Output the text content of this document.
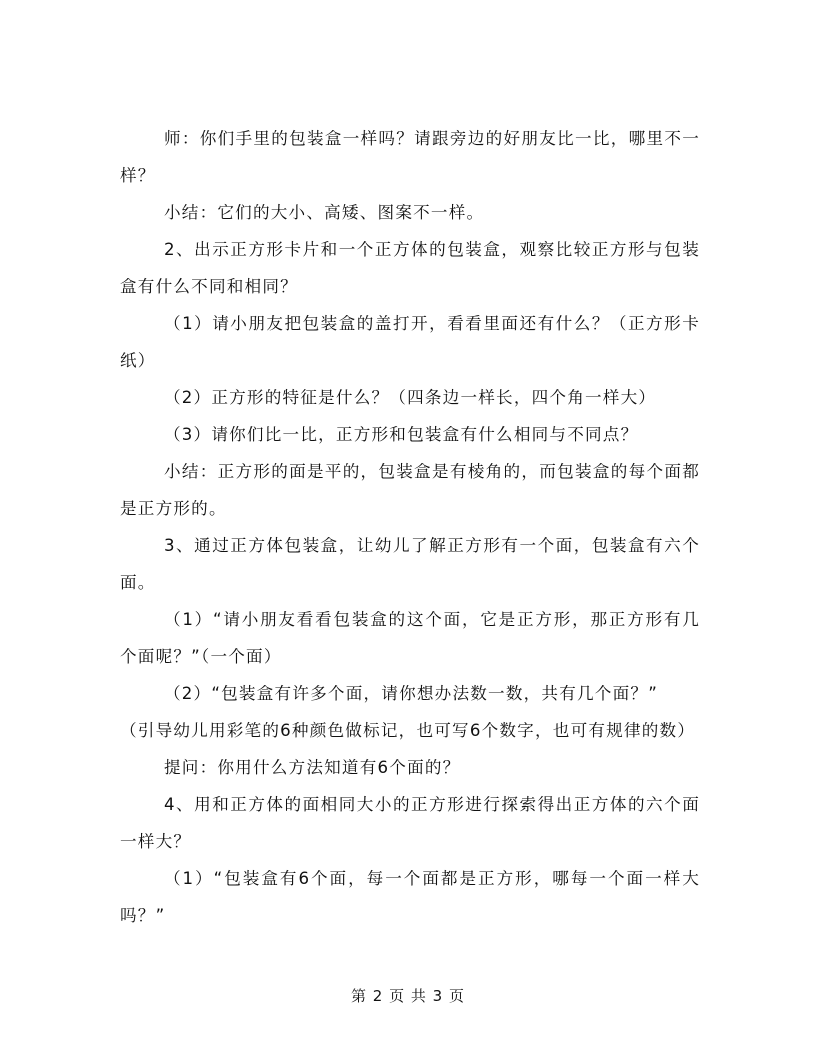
师：你们手里的包装盒一样吗？请跟旁边的好朋友比一比，哪里不一样？

小结：它们的大小、高矮、图案不一样。

2、出示正方形卡片和一个正方体的包装盒，观察比较正方形与包装盒有什么不同和相同？

（1）请小朋友把包装盒的盖打开，看看里面还有什么？（正方形卡纸）

（2）正方形的特征是什么？（四条边一样长，四个角一样大）

（3）请你们比一比，正方形和包装盒有什么相同与不同点？

小结：正方形的面是平的，包装盒是有棱角的，而包装盒的每个面都是正方形的。

3、通过正方体包装盒，让幼儿了解正方形有一个面，包装盒有六个面。

（1）“请小朋友看看包装盒的这个面，它是正方形，那正方形有几个面呢？”（一个面）

（2）“包装盒有许多个面，请你想办法数一数，共有几个面？”

（引导幼儿用彩笔的6种颜色做标记，也可写6个数字，也可有规律的数）

提问：你用什么方法知道有6个面的？

4、用和正方体的面相同大小的正方形进行探索得出正方体的六个面一样大？

（1）“包装盒有6个面，每一个面都是正方形，哪每一个面一样大吗？”

第 2 页 共 3 页
